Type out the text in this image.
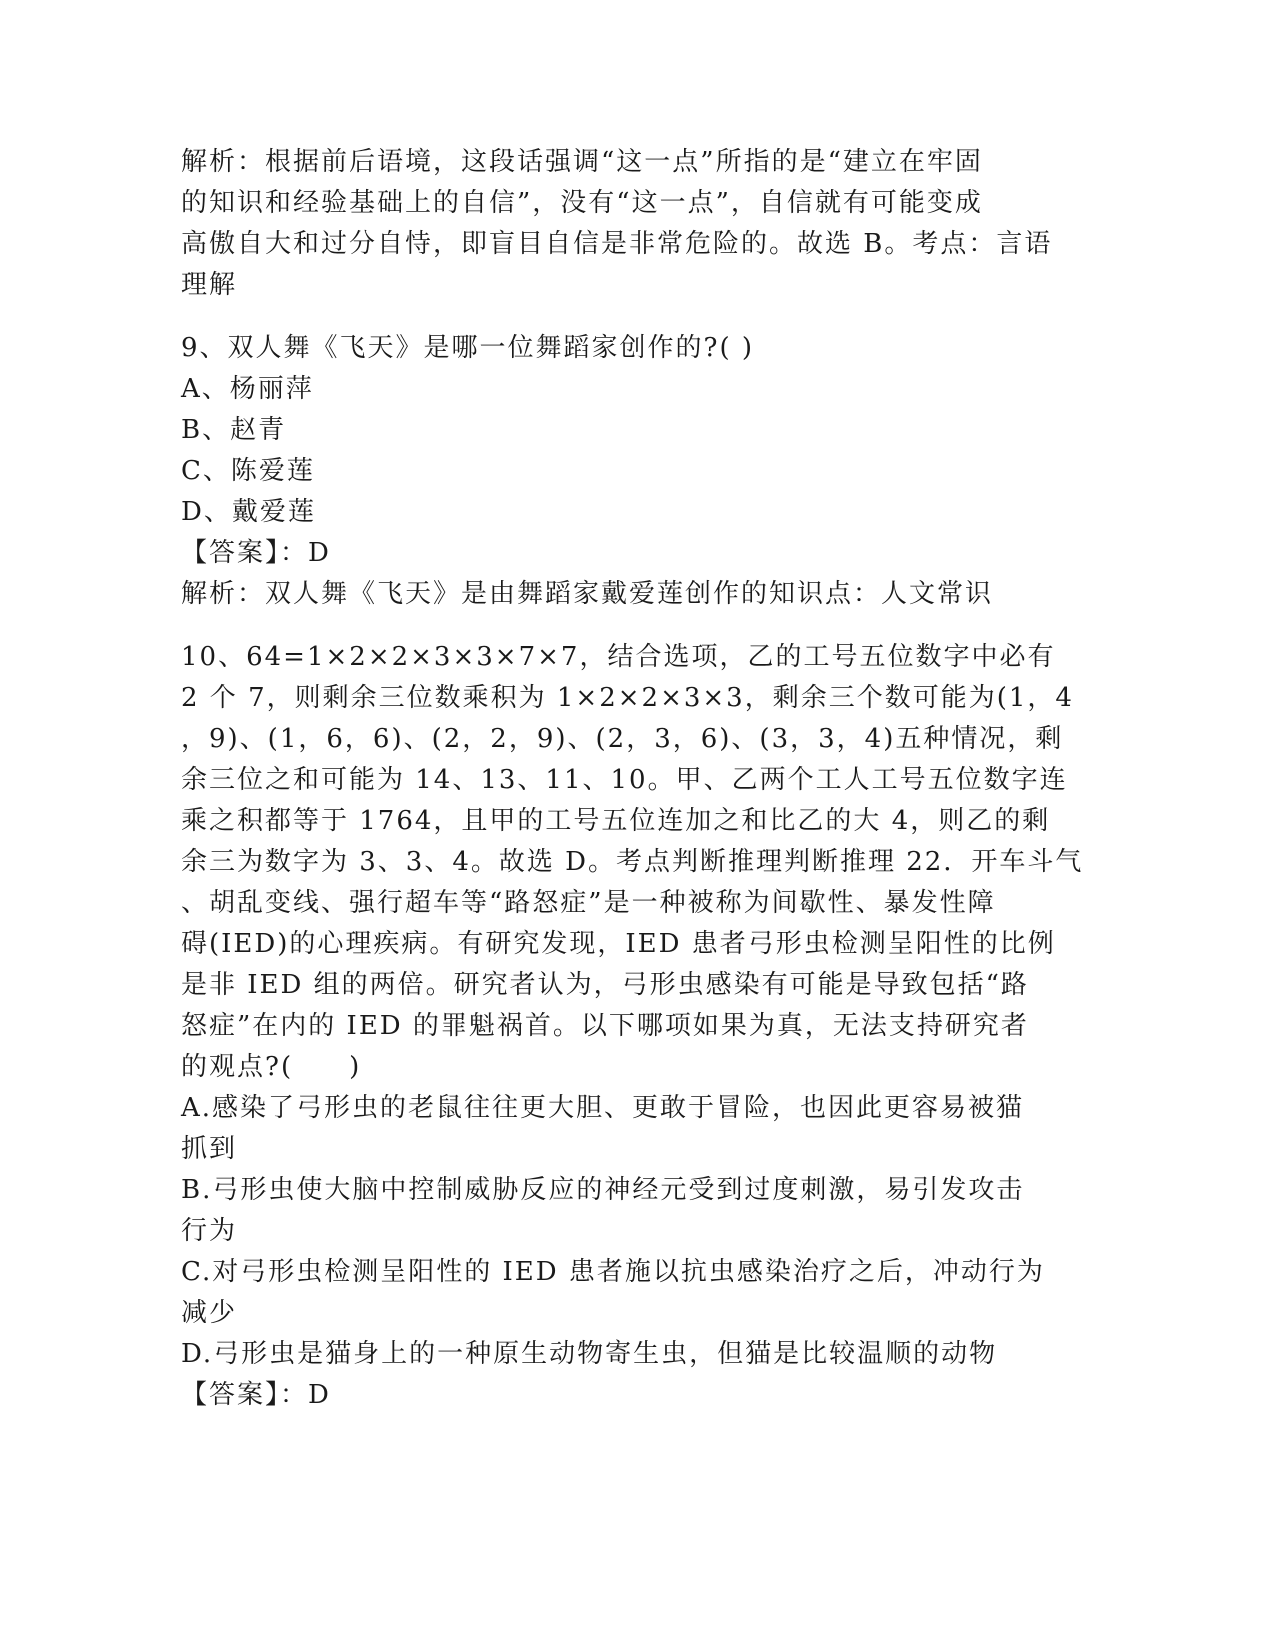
解析：根据前后语境，这段话强调“这一点”所指的是“建立在牢固
的知识和经验基础上的自信”，没有“这一点”，自信就有可能变成
高傲自大和过分自恃，即盲目自信是非常危险的。故选 B。考点：言语
理解
9、双人舞《飞天》是哪一位舞蹈家创作的?( )
A、杨丽萍
B、赵青
C、陈爱莲
D、戴爱莲
【答案】：D
解析：双人舞《飞天》是由舞蹈家戴爱莲创作的知识点：人文常识
10、64=1×2×2×3×3×7×7，结合选项，乙的工号五位数字中必有
2 个 7，则剩余三位数乘积为 1×2×2×3×3，剩余三个数可能为(1，4
，9)、(1，6，6)、(2，2，9)、(2，3，6)、(3，3，4)五种情况，剩
余三位之和可能为 14、13、11、10。甲、乙两个工人工号五位数字连
乘之积都等于 1764，且甲的工号五位连加之和比乙的大 4，则乙的剩
余三为数字为 3、3、4。故选 D。考点判断推理判断推理 22．开车斗气
、胡乱变线、强行超车等“路怒症”是一种被称为间歇性、暴发性障
碍(IED)的心理疾病。有研究发现，IED 患者弓形虫检测呈阳性的比例
是非 IED 组的两倍。研究者认为，弓形虫感染有可能是导致包括“路
怒症”在内的 IED 的罪魁祸首。以下哪项如果为真，无法支持研究者
的观点?(　　)
A.感染了弓形虫的老鼠往往更大胆、更敢于冒险，也因此更容易被猫
抓到
B.弓形虫使大脑中控制威胁反应的神经元受到过度刺激，易引发攻击
行为
C.对弓形虫检测呈阳性的 IED 患者施以抗虫感染治疗之后，冲动行为
减少
D.弓形虫是猫身上的一种原生动物寄生虫，但猫是比较温顺的动物
【答案】：D
